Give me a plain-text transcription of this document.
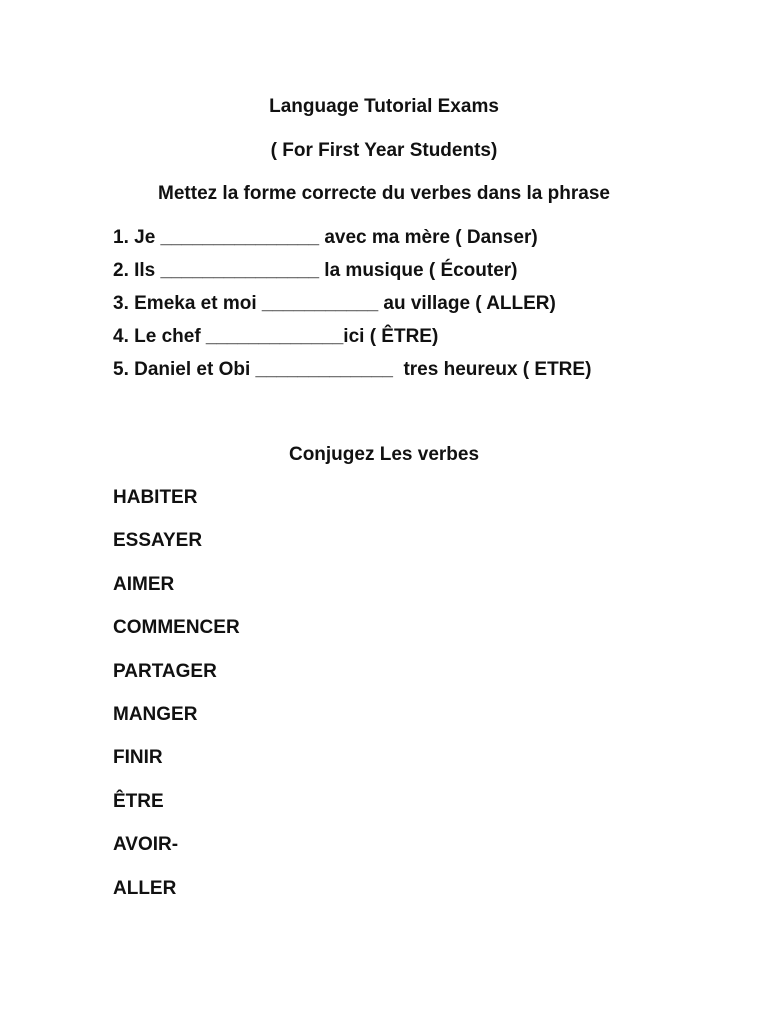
Language Tutorial Exams
( For First Year Students)
Mettez la forme correcte du verbes dans la phrase
1. Je _______________ avec ma mère ( Danser)
2. Ils _______________ la musique ( Écouter)
3. Emeka et moi ___________ au village ( ALLER)
4. Le chef _____________ici ( ÊTRE)
5. Daniel et Obi _____________  tres heureux ( ETRE)
Conjugez Les verbes
HABITER
ESSAYER
AIMER
COMMENCER
PARTAGER
MANGER
FINIR
ÊTRE
AVOIR-
ALLER
